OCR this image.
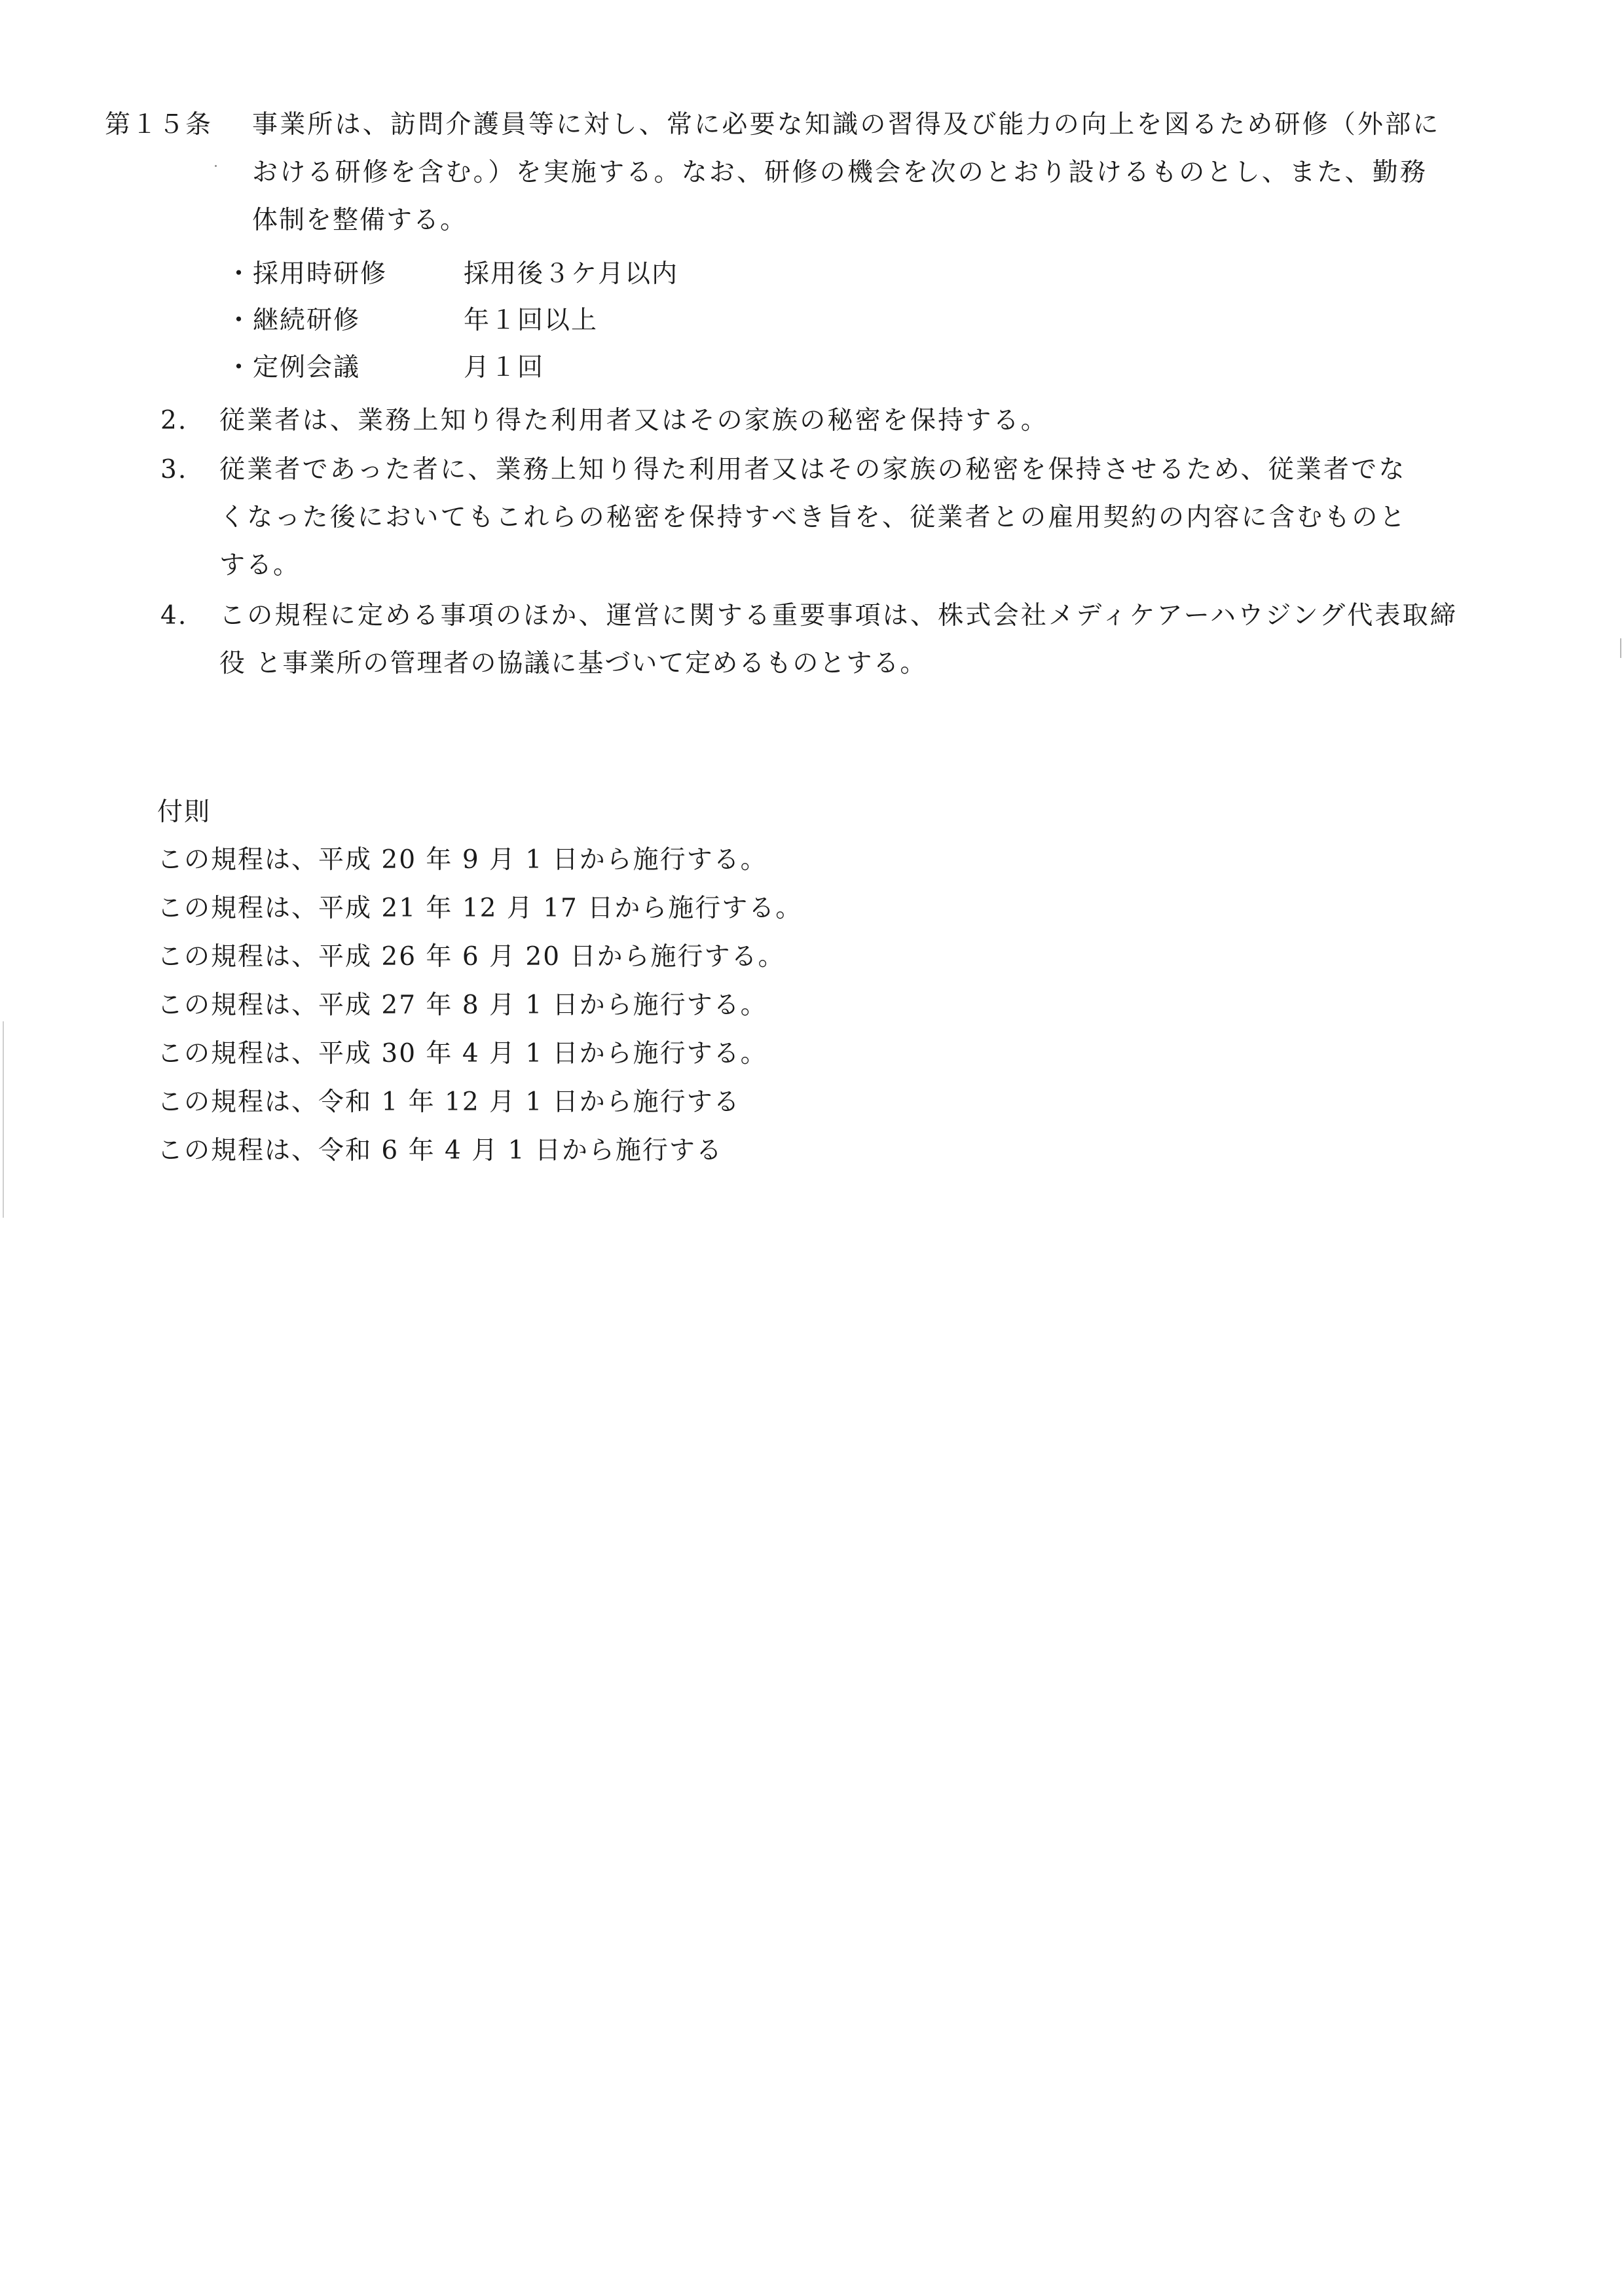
第１５条 事業所は、訪問介護員等に対し、常に必要な知識の習得及び能力の向上を図るため研修（外部に
おける研修を含む。）を実施する。なお、研修の機会を次のとおり設けるものとし、また、勤務
体制を整備する。
・採用時研修	採用後３ケ月以内
・継続研修	年１回以上
・定例会議	月１回
2. 従業者は、業務上知り得た利用者又はその家族の秘密を保持する。
3. 従業者であった者に、業務上知り得た利用者又はその家族の秘密を保持させるため、従業者でな
くなった後においてもこれらの秘密を保持すべき旨を、従業者との雇用契約の内容に含むものと
する。
4. この規程に定める事項のほか、運営に関する重要事項は、株式会社メディケアーハウジング代表取締
役 と事業所の管理者の協議に基づいて定めるものとする。
付則
この規程は、平成 20 年 9 月 1 日から施行する。
この規程は、平成 21 年 12 月 17 日から施行する。
この規程は、平成 26 年 6 月 20 日から施行する。
この規程は、平成 27 年 8 月 1 日から施行する。
この規程は、平成 30 年 4 月 1 日から施行する。
この規程は、令和 1 年 12 月 1 日から施行する
この規程は、令和 6 年 4 月 1 日から施行する
